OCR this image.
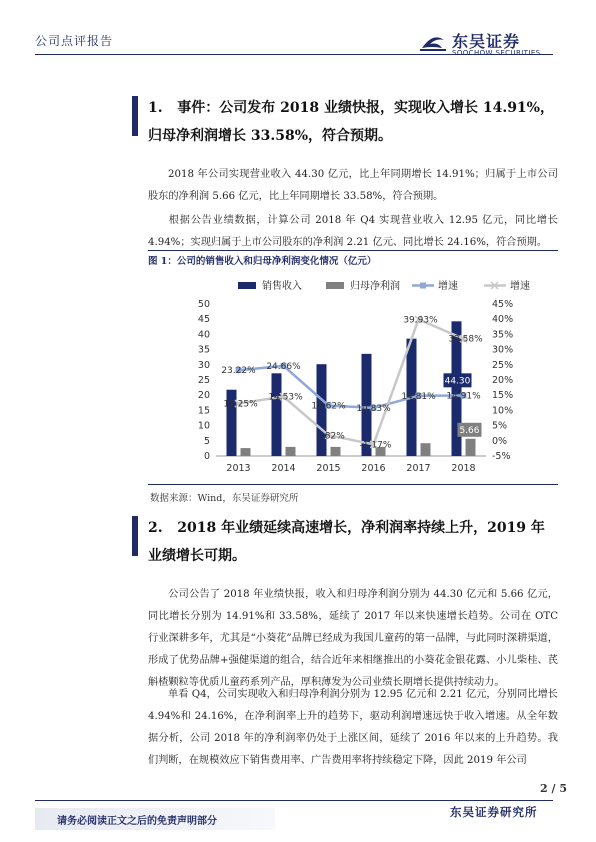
公司点评报告	东吴证券
SOOCHOW SECURITIES
1. 事件：公司发布 2018 业绩快报，实现收入增长 14.91%，归母净利润增长 33.58%，符合预期。
2018 年公司实现营业收入 44.30 亿元，比上年同期增长 14.91%；归属于上市公司股东的净利润 5.66 亿元，比上年同期增长 33.58%，符合预期。
根据公告业绩数据，计算公司 2018 年 Q4 实现营业收入 12.95 亿元，同比增长 4.94%；实现归属于上市公司股东的净利润 2.21 亿元、同比增长 24.16%，符合预期。
图 1：公司的销售收入和归母净利润变化情况（亿元）
0
5
10
15
20
25
30
35
40
45
50
-5%
0%
5%
10%
15%
20%
25%
30%
35%
40%
45%
2013 2014 2015 2016 2017 2018
23.22% 24.66%
11.62% 10.83%
14.81% 14.91%
12.25%
14.53%
1.82%
-1.17%
39.93%
33.58%
44.30
5.66
销售收入	归母净利润	增速	增速
数据来源：Wind，东吴证券研究所
2. 2018 年业绩延续高速增长，净利润率持续上升，2019 年业绩增长可期。
公司公告了 2018 年业绩快报，收入和归母净利润分别为 44.30 亿元和 5.66 亿元，同比增长分别为 14.91%和 33.58%，延续了 2017 年以来快速增长趋势。公司在 OTC 行业深耕多年，尤其是“小葵花”品牌已经成为我国儿童药的第一品牌，与此同时深耕渠道，形成了优势品牌+强健渠道的组合，结合近年来相继推出的小葵花金银花露、小儿柴桂、芪斛楂颗粒等优质儿童药系列产品，厚积薄发为公司业绩长期增长提供持续动力。
单看 Q4，公司实现收入和归母净利润分别为 12.95 亿元和 2.21 亿元，分别同比增长 4.94%和 24.16%，在净利润率上升的趋势下，驱动利润增速远快于收入增速。从全年数据分析，公司 2018 年的净利润率仍处于上涨区间，延续了 2016 年以来的上升趋势。我们判断，在规模效应下销售费用率、广告费用率将持续稳定下降，因此 2019 年公司
2 / 5
请务必阅读正文之后的免责声明部分
东吴证券研究所
